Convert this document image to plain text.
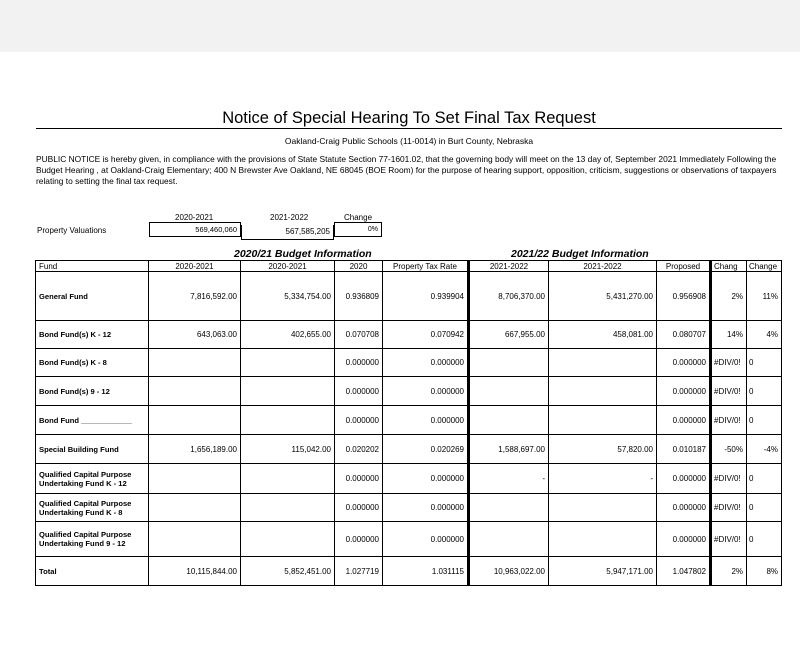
Notice of Special Hearing To Set Final Tax Request
Oakland-Craig Public Schools (11-0014) in Burt County, Nebraska
PUBLIC NOTICE is hereby given, in compliance with the provisions of State Statute Section 77-1601.02, that the governing body will meet on the 13 day of, September 2021 Immediately Following the Budget Hearing , at Oakland-Craig Elementary; 400 N Brewster Ave Oakland, NE 68045 (BOE Room) for the purpose of hearing support, opposition, criticism, suggestions or observations of taxpayers relating to setting the final tax request.
2020-2021	2021-2022	Change
Property Valuations	569,460,060	567,585,205	0%
2020/21 Budget Information	2021/22 Budget Information
Fund	2020-2021	2020-2021	2020	Property Tax Rate	2021-2022	2021-2022	Proposed	Chang	Change
General Fund	7,816,592.00	5,334,754.00	0.936809	0.939904	8,706,370.00	5,431,270.00	0.956908	2%	11%
Bond Fund(s) K - 12	643,063.00	402,655.00	0.070708	0.070942	667,955.00	458,081.00	0.080707	14%	4%
Bond Fund(s) K - 8			0.000000	0.000000			0.000000	#DIV/0!	0
Bond Fund(s) 9 - 12			0.000000	0.000000			0.000000	#DIV/0!	0
Bond Fund ____________			0.000000	0.000000			0.000000	#DIV/0!	0
Special Building Fund	1,656,189.00	115,042.00	0.020202	0.020269	1,588,697.00	57,820.00	0.010187	-50%	-4%
Qualified Capital Purpose Undertaking Fund K - 12			0.000000	0.000000	-	-	0.000000	#DIV/0!	0
Qualified Capital Purpose Undertaking Fund K - 8			0.000000	0.000000			0.000000	#DIV/0!	0
Qualified Capital Purpose Undertaking Fund 9 - 12			0.000000	0.000000			0.000000	#DIV/0!	0
Total	10,115,844.00	5,852,451.00	1.027719	1.031115	10,963,022.00	5,947,171.00	1.047802	2%	8%
